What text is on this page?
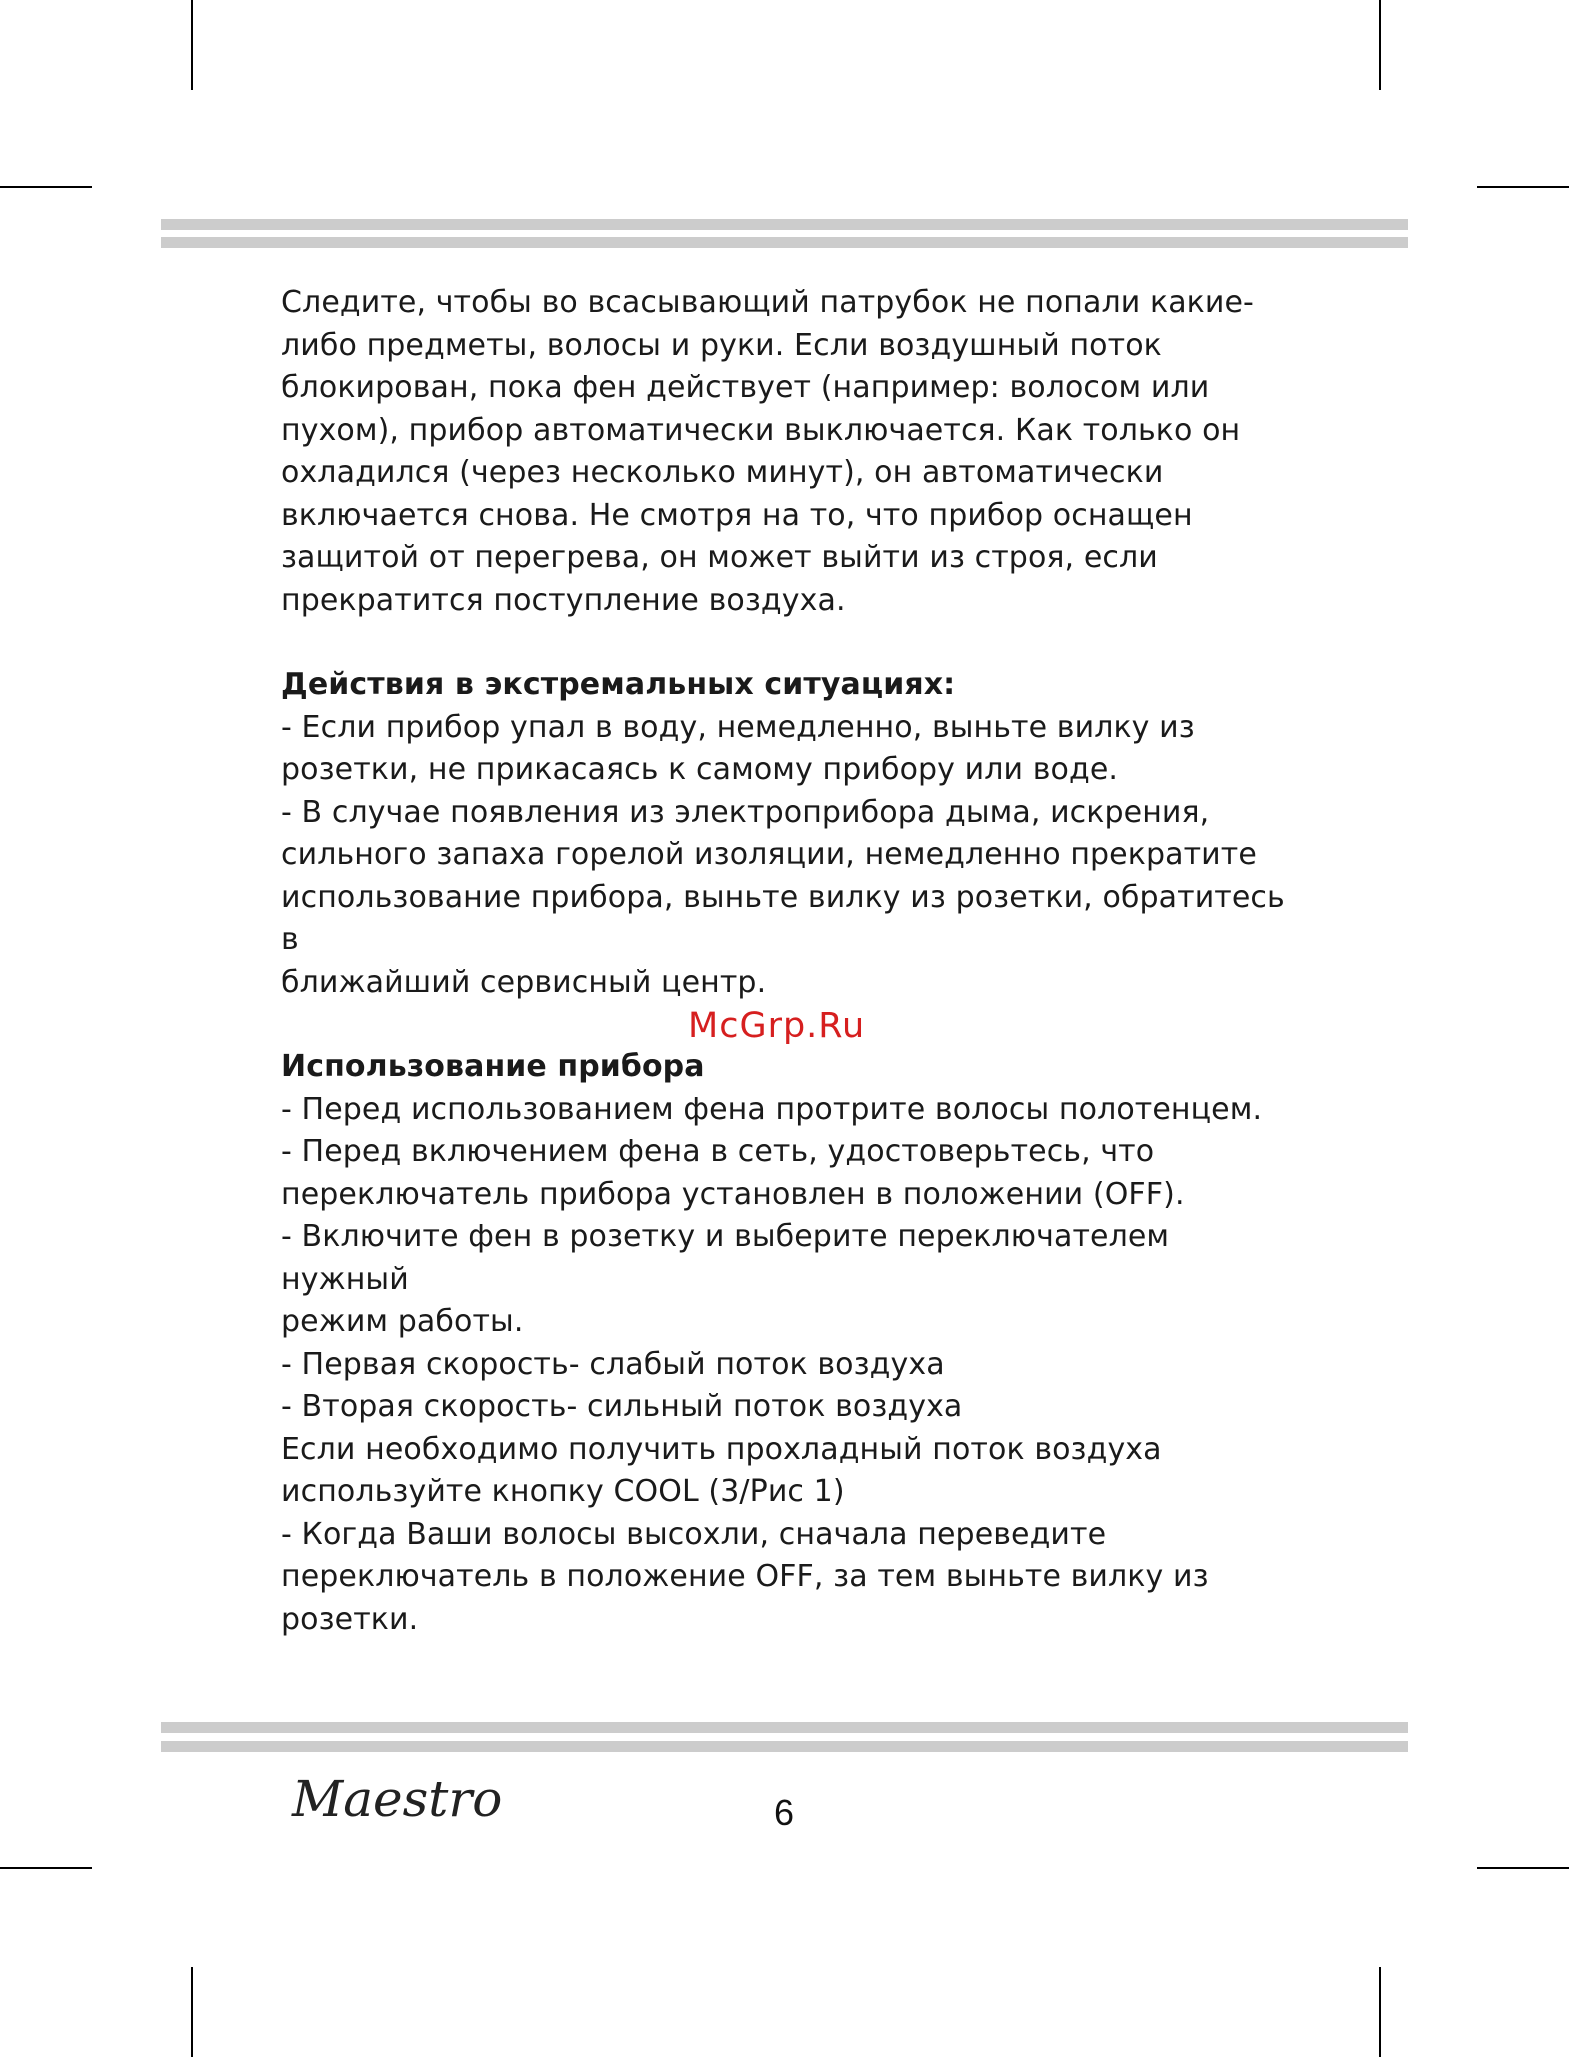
Следите, чтобы во всасывающий патрубок не попали какие-
либо предметы, волосы и руки. Если воздушный поток
блокирован, пока фен действует (например: волосом или
пухом), прибор автоматически выключается. Как только он
охладился (через несколько минут), он автоматически
включается снова. Не смотря на то, что прибор оснащен
защитой от перегрева, он может выйти из строя, если
прекратится поступление воздуха.

Действия в экстремальных ситуациях:

- Если прибор упал в воду, немедленно, выньте вилку из
розетки, не прикасаясь к самому прибору или воде.

- В случае появления из электроприбора дыма, искрения,
сильного запаха горелой изоляции, немедленно прекратите
использование прибора, выньте вилку из розетки, обратитесь в
ближайший сервисный центр.

Использование прибора

- Перед использованием фена протрите волосы полотенцем.

- Перед включением фена в сеть, удостоверьтесь, что
переключатель прибора установлен в положении (OFF).

- Включите фен в розетку и выберите переключателем нужный
режим работы.

- Первая скорость- слабый поток воздуха

- Вторая скорость- сильный поток воздуха

Если необходимо получить прохладный поток воздуха
используйте кнопку COOL (3/Рис 1)

- Когда Ваши волосы высохли, сначала переведите
переключатель в положение OFF, за тем выньте вилку из
розетки.

McGrp.Ru
Maestro	6
